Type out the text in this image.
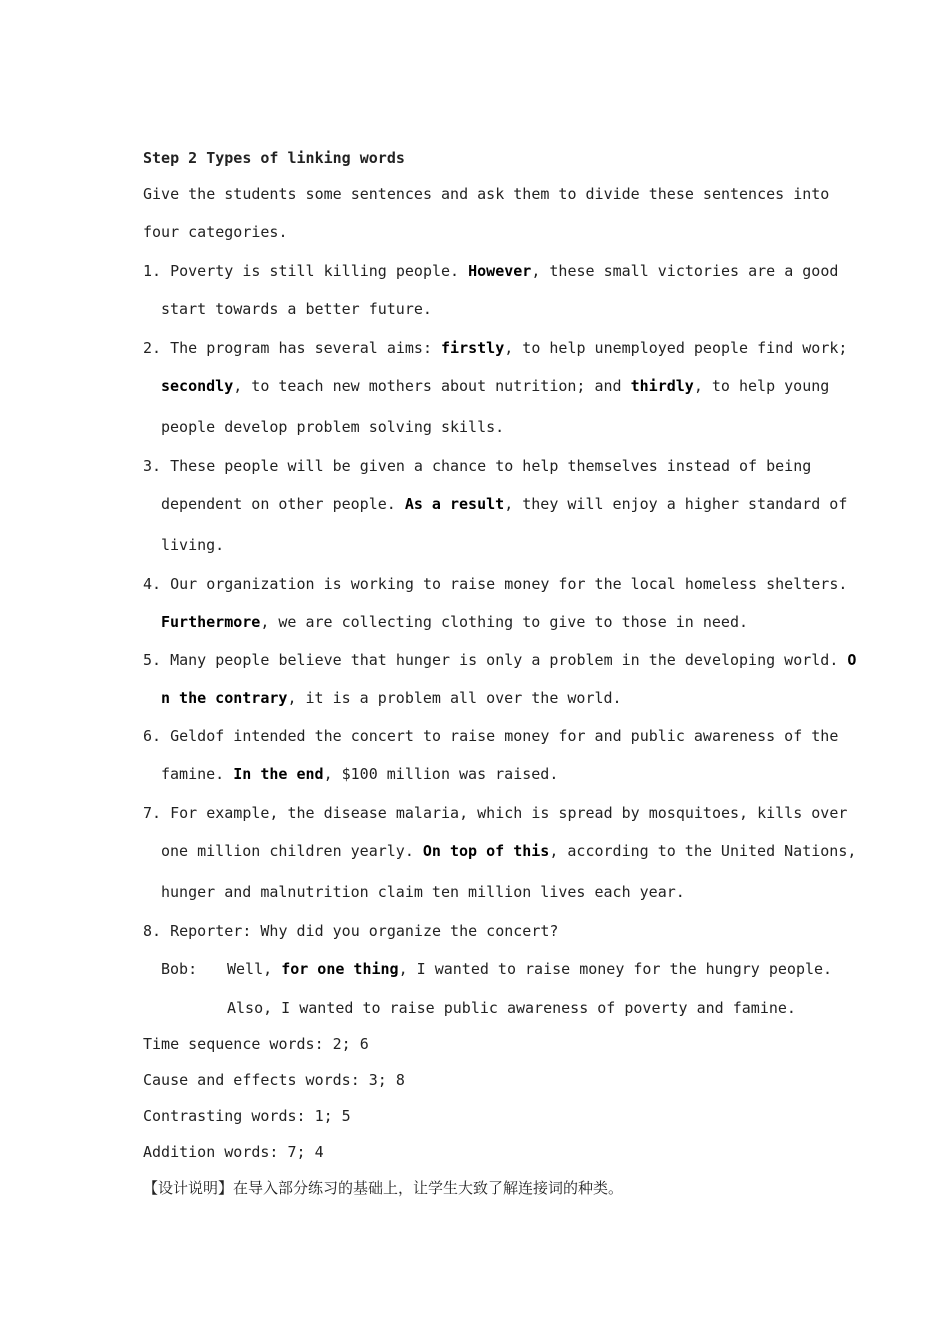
Step 2 Types of linking words
Give the students some sentences and ask them to divide these sentences into
four categories.
1. Poverty is still killing people. However, these small victories are a good
start towards a better future.
2. The program has several aims: firstly, to help unemployed people find work;
secondly, to teach new mothers about nutrition; and thirdly, to help young
people develop problem solving skills.
3. These people will be given a chance to help themselves instead of being
dependent on other people. As a result, they will enjoy a higher standard of
living.
4. Our organization is working to raise money for the local homeless shelters.
Furthermore, we are collecting clothing to give to those in need.
5. Many people believe that hunger is only a problem in the developing world. O
n the contrary, it is a problem all over the world.
6. Geldof intended the concert to raise money for and public awareness of the
famine. In the end, $100 million was raised.
7. For example, the disease malaria, which is spread by mosquitoes, kills over
one million children yearly. On top of this, according to the United Nations,
hunger and malnutrition claim ten million lives each year.
8. Reporter: Why did you organize the concert?
Bob: Well, for one thing, I wanted to raise money for the hungry people.
Also, I wanted to raise public awareness of poverty and famine.
Time sequence words: 2; 6
Cause and effects words: 3; 8
Contrasting words: 1; 5
Addition words: 7; 4
【设计说明】在导入部分练习的基础上，让学生大致了解连接词的种类。
